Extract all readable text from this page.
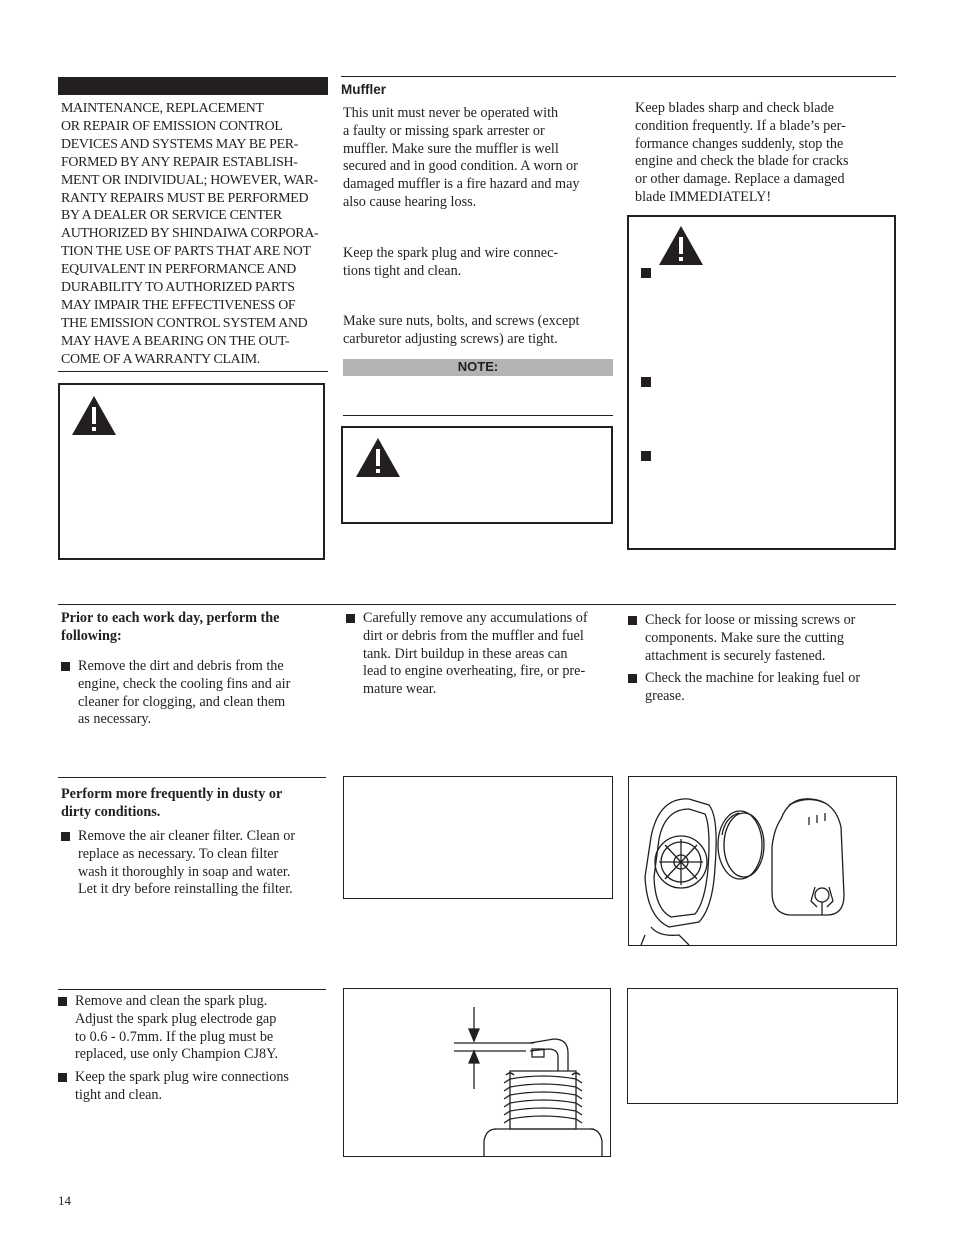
MAINTENANCE, REPLACEMENT
OR REPAIR OF EMISSION CONTROL
DEVICES AND SYSTEMS MAY BE PER-
FORMED BY ANY REPAIR ESTABLISH-
MENT OR INDIVIDUAL; HOWEVER, WAR-
RANTY REPAIRS MUST BE PERFORMED
BY A DEALER OR SERVICE CENTER
AUTHORIZED BY SHINDAIWA CORPORA-
TION THE USE OF PARTS THAT ARE NOT
EQUIVALENT IN PERFORMANCE AND
DURABILITY TO AUTHORIZED PARTS
MAY IMPAIR THE EFFECTIVENESS OF
THE EMISSION CONTROL SYSTEM AND
MAY HAVE A BEARING ON THE OUT-
COME OF A WARRANTY CLAIM.
Muffler
This unit must never be operated with
a faulty or missing spark arrester or
muffler. Make sure the muffler is well
secured and in good condition. A worn or
damaged muffler is a fire hazard and may
also cause hearing loss.
Keep the spark plug and wire connec-
tions tight and clean.
Make sure nuts, bolts, and screws (except
carburetor adjusting screws) are tight.
NOTE:
Keep blades sharp and check blade
condition frequently. If a blade’s per-
formance changes suddenly, stop the
engine and check the blade for cracks
or other damage. Replace a damaged
blade IMMEDIATELY!
Prior to each work day, perform the
following:
Remove the dirt and debris from the
engine, check the cooling fins and air
cleaner for clogging, and clean them
as necessary.
Carefully remove any accumulations of
dirt or debris from the muffler and fuel
tank. Dirt buildup in these areas can
lead to engine overheating, fire, or pre-
mature wear.
Check for loose or missing screws or
components. Make sure the cutting
attachment is securely fastened.
Check the machine for leaking fuel or
grease.
Perform more frequently in dusty or
dirty conditions.
Remove the air cleaner filter. Clean or
replace as necessary. To clean filter
wash it thoroughly in soap and water.
Let it dry before reinstalling the filter.
Remove and clean the spark plug.
Adjust the spark plug electrode gap
to 0.6 - 0.7mm. If the plug must be
replaced, use only Champion CJ8Y.
Keep the spark plug wire connections
tight and clean.
14
